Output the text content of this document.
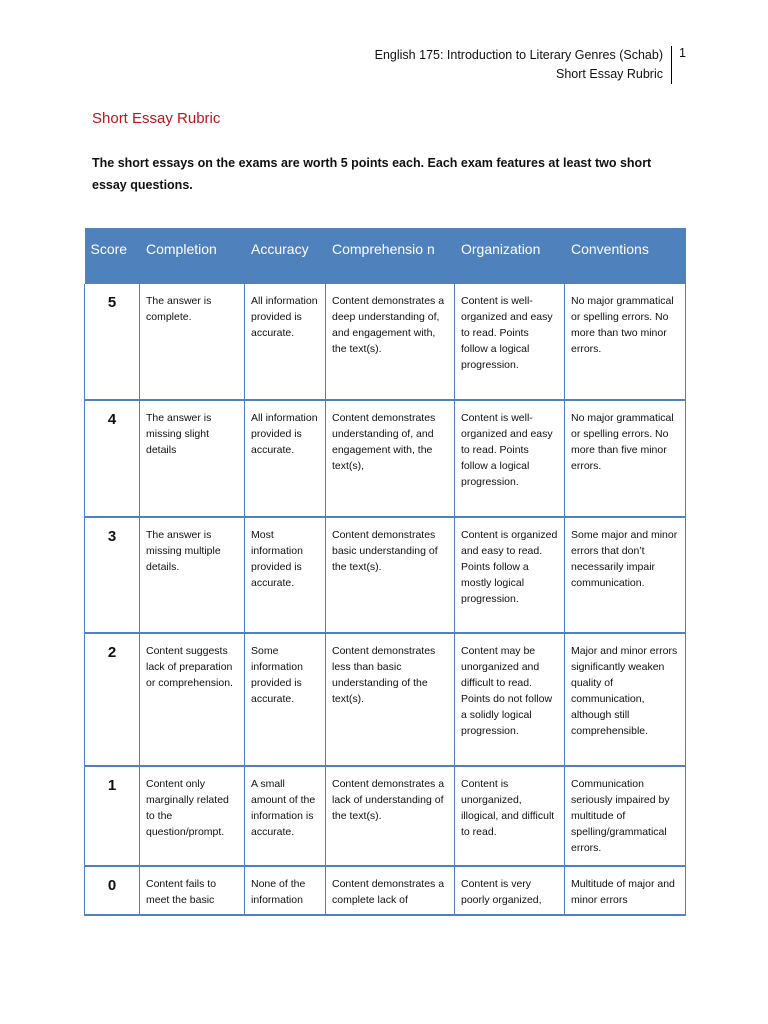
English 175: Introduction to Literary Genres (Schab)
Short Essay Rubric
1
Short Essay Rubric
The short essays on the exams are worth 5 points each. Each exam features at least two short essay questions.
Score	Completion	Accuracy	Comprehensio n	Organization	Conventions
5	The answer is complete.	All information provided is accurate.	Content demonstrates a deep understanding of, and engagement with, the text(s).	Content is well-organized and easy to read. Points follow a logical progression.	No major grammatical or spelling errors. No more than two minor errors.
4	The answer is missing slight details	All information provided is accurate.	Content demonstrates understanding of, and engagement with, the text(s),	Content is well-organized and easy to read. Points follow a logical progression.	No major grammatical or spelling errors. No more than five minor errors.
3	The answer is missing multiple details.	Most information provided is accurate.	Content demonstrates basic understanding of the text(s).	Content is organized and easy to read. Points follow a mostly logical progression.	Some major and minor errors that don’t necessarily impair communication.
2	Content suggests lack of preparation or comprehension.	Some information provided is accurate.	Content demonstrates less than basic understanding of the text(s).	Content may be unorganized and difficult to read. Points do not follow a solidly logical progression.	Major and minor errors significantly weaken quality of communication, although still comprehensible.
1	Content only marginally related to the question/prompt.	A small amount of the information is accurate.	Content demonstrates a lack of understanding of the text(s).	Content is unorganized, illogical, and difficult to read.	Communication seriously impaired by multitude of spelling/grammatical errors.
0	Content fails to meet the basic	None of the information	Content demonstrates a complete lack of	Content is very poorly organized,	Multitude of major and minor errors
